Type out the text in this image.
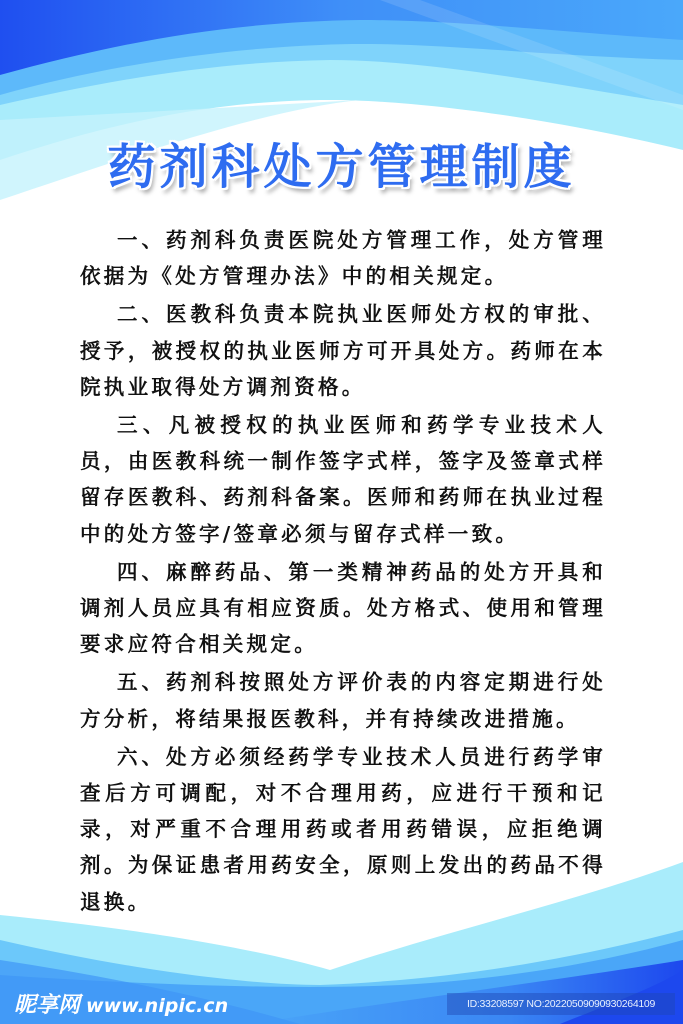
药剂科处方管理制度

一、药剂科负责医院处方管理工作，处方管理依据为《处方管理办法》中的相关规定。

二、医教科负责本院执业医师处方权的审批、授予，被授权的执业医师方可开具处方。药师在本院执业取得处方调剂资格。

三、凡被授权的执业医师和药学专业技术人员，由医教科统一制作签字式样，签字及签章式样留存医教科、药剂科备案。医师和药师在执业过程中的处方签字/签章必须与留存式样一致。

四、麻醉药品、第一类精神药品的处方开具和调剂人员应具有相应资质。处方格式、使用和管理要求应符合相关规定。

五、药剂科按照处方评价表的内容定期进行处方分析，将结果报医教科，并有持续改进措施。

六、处方必须经药学专业技术人员进行药学审查后方可调配，对不合理用药，应进行干预和记录，对严重不合理用药或者用药错误，应拒绝调剂。为保证患者用药安全，原则上发出的药品不得退换。

昵享网 www.nipic.cn	ID:33208597 NO:20220509090930264109
